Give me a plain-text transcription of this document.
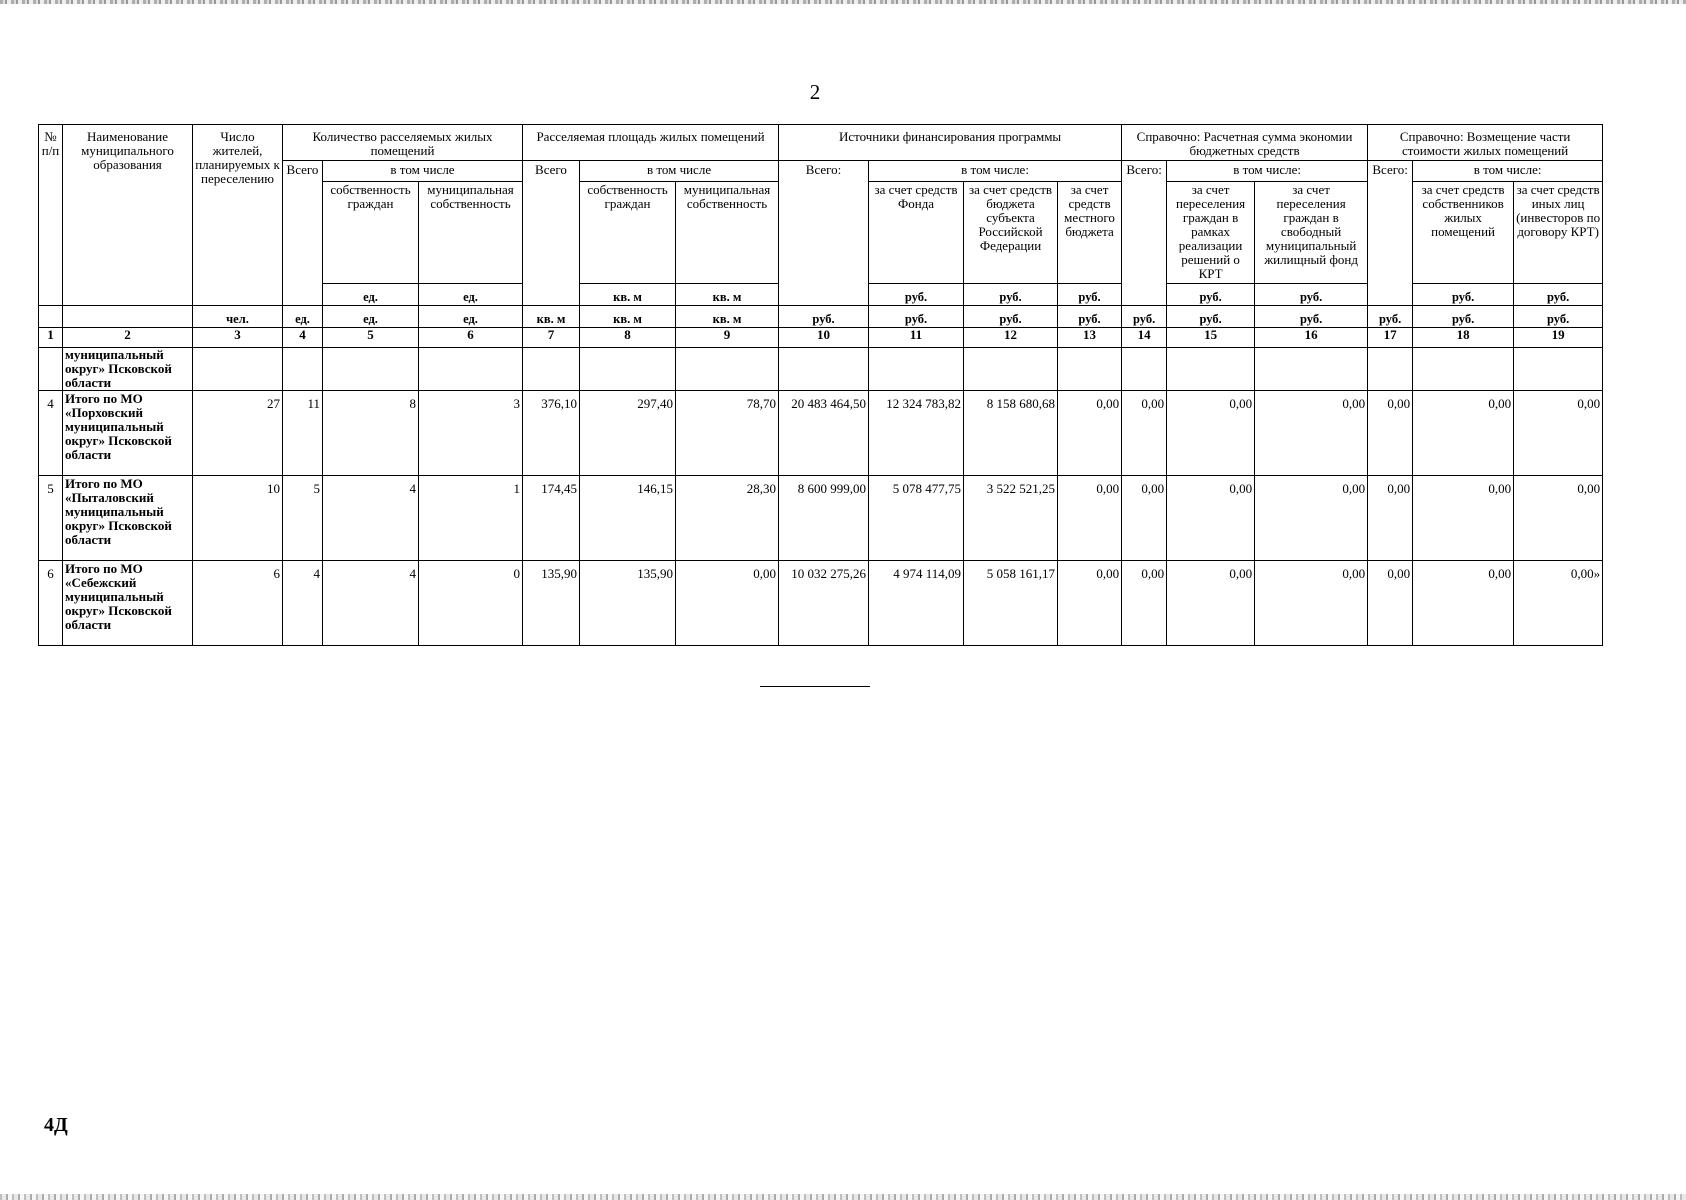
2
№ п/п	Наименование муниципального образования	Число жителей, планируемых к переселению	Количество расселяемых жилых помещений			Расселяемая площадь жилых помещений			Источники финансирования программы				Справочно: Расчетная сумма экономии бюджетных средств			Справочно: Возмещение части стоимости жилых помещений		
			Всего	в том числе		Всего	в том числе		Всего:	в том числе:			Всего:	в том числе:		Всего:	в том числе:	
				собственность граждан	муниципальная собственность		собственность граждан	муниципальная собственность		за счет средств Фонда	за счет средств бюджета субъекта Российской Федерации	за счет средств местного бюджета		за счет переселения граждан в рамках реализации решений о КРТ	за счет переселения граждан в свободный муниципальный жилищный фонд		за счет средств собственников жилых помещений	за счет средств иных лиц (инвесторов по договору КРТ)
				ед.	ед.		кв. м	кв. м		руб.	руб.	руб.		руб.	руб.		руб.	руб.
		чел.	ед.	ед.	ед.	кв. м	кв. м	кв. м	руб.	руб.	руб.	руб.	руб.	руб.	руб.	руб.	руб.	руб.
1	2	3	4	5	6	7	8	9	10	11	12	13	14	15	16	17	18	19
	муниципальный округ» Псковской области																	
4	Итого по МО «Порховский муниципальный округ» Псковской области	27	11	8	3	376,10	297,40	78,70	20 483 464,50	12 324 783,82	8 158 680,68	0,00	0,00	0,00	0,00	0,00	0,00	0,00
5	Итого по МО «Пыталовский муниципальный округ» Псковской области	10	5	4	1	174,45	146,15	28,30	8 600 999,00	5 078 477,75	3 522 521,25	0,00	0,00	0,00	0,00	0,00	0,00	0,00
6	Итого по МО «Себежский муниципальный округ» Псковской области	6	4	4	0	135,90	135,90	0,00	10 032 275,26	4 974 114,09	5 058 161,17	0,00	0,00	0,00	0,00	0,00	0,00	0,00»
4Д
